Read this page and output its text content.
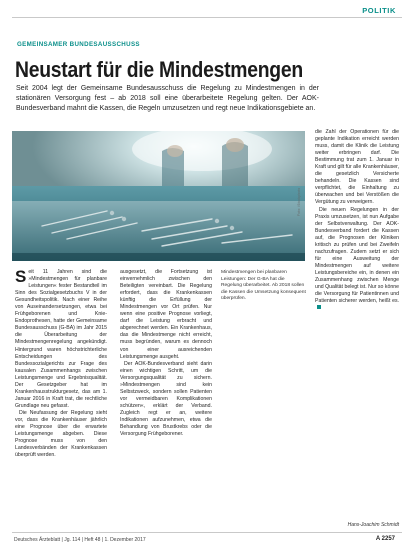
POLITIK
GEMEINSAMER BUNDESAUSSCHUSS
Neustart für die Mindestmengen
Seit 2004 legt der Gemeinsame Bundesausschuss die Regelung zu Mindestmengen in der stationären Versorgung fest – ab 2018 soll eine überarbeitete Regelung gelten. Der AOK-Bundesverband mahnt die Kassen, die Regeln umzusetzen und regt neue Indikationsgebiete an.
Foto: iStockphoto

Seit 11 Jahren sind die »Mindestmengen für planbare Leistungen« fester Bestandteil im Sinn des Sozialgesetzbuchs V in der Gesundheitspolitik. Nach einer Reihe von Auseinandersetzungen, etwa bei Frühgeborenen und Knie-Endoprothesen, hatte der Gemeinsame Bundesausschuss (G-BA) im Jahr 2015 die Überarbeitung der Mindestmengenregelung angekündigt. Hintergrund waren höchstrichterliche Entscheidungen des Bundessozialgerichts zur Frage des kausalen Zusammenhangs zwischen Leistungsmenge und Ergebnisqualität. Der Gesetzgeber hat im Krankenhausstrukturgesetz, das am 1. Januar 2016 in Kraft trat, die rechtliche Grundlage neu gefasst.

Die Neufassung der Regelung sieht vor, dass die Krankenhäuser jährlich eine Prognose über die erwartete Leistungsmenge abgeben. Diese Prognose muss von den Landesverbänden der Krankenkassen überprüft werden.

ausgesetzt, die Fortsetzung ist einvernehmlich zwischen den Beteiligten vereinbart. Die Regelung erfordert, dass die Krankenkassen künftig die Erfüllung der Mindestmengen vor Ort prüfen. Nur wenn eine positive Prognose vorliegt, darf die Leistung erbracht und abgerechnet werden. Ein Krankenhaus, das die Mindestmenge nicht erreicht, muss begründen, warum es dennoch von einer ausreichenden Leistungsmenge ausgeht.

Der AOK-Bundesverband sieht darin einen wichtigen Schritt, um die Versorgungsqualität zu sichern. »Mindestmengen sind kein Selbstzweck, sondern sollen Patienten vor vermeidbaren Komplikationen schützen«, erklärt der Verband. Zugleich regt er an, weitere Indikationen aufzunehmen, etwa die Behandlung von Brustkrebs oder die Versorgung Frühgeborener.

Mindestmengen bei planbaren Leistungen: Der G-BA hat die Regelung überarbeitet. Ab 2018 sollen die Kassen die Umsetzung konsequent überprüfen.

die Zahl der Operationen für die geplante Indikation erreicht werden muss, damit die Klinik die Leistung weiter erbringen darf. Die Bestimmung trat zum 1. Januar in Kraft und gilt für alle Krankenhäuser, die gesetzlich Versicherte behandeln. Die Kassen sind verpflichtet, die Einhaltung zu überwachen und bei Verstößen die Vergütung zu verweigern.

Die neuen Regelungen in der Praxis umzusetzen, ist nun Aufgabe der Selbstverwaltung. Der AOK-Bundesverband fordert die Kassen auf, die Prognosen der Kliniken kritisch zu prüfen und bei Zweifeln nachzufragen. Zudem setzt er sich für eine Ausweitung der Mindestmengen auf weitere Leistungsbereiche ein, in denen ein Zusammenhang zwischen Menge und Qualität belegt ist. Nur so könne die Versorgung für Patientinnen und Patienten sicherer werden, heißt es.

Hans-Joachim Schmidt
Deutsches Ärzteblatt | Jg. 114 | Heft 48 | 1. Dezember 2017	A 2257
